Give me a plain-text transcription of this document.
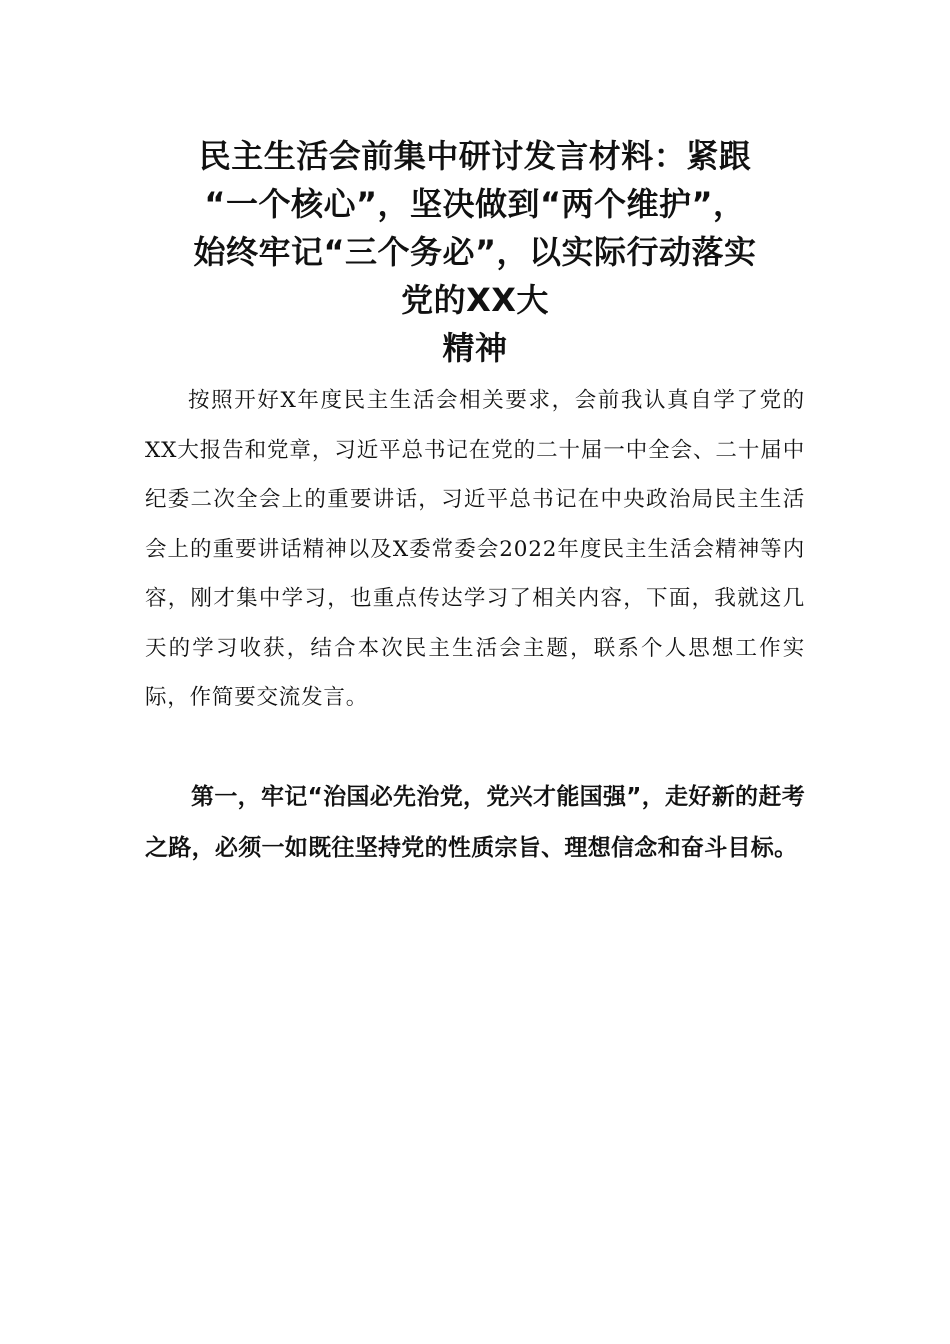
民主生活会前集中研讨发言材料：紧跟
“一个核心”，坚决做到“两个维护”，
始终牢记“三个务必”，以实际行动落实
党的XX大
精神

按照开好X年度民主生活会相关要求，会前我认真自学了党的XX大报告和党章，习近平总书记在党的二十届一中全会、二十届中纪委二次全会上的重要讲话，习近平总书记在中央政治局民主生活会上的重要讲话精神以及X委常委会2022年度民主生活会精神等内容，刚才集中学习，也重点传达学习了相关内容，下面，我就这几天的学习收获，结合本次民主生活会主题，联系个人思想工作实际，作简要交流发言。

第一，牢记“治国必先治党，党兴才能国强”，走好新的赶考之路，必须一如既往坚持党的性质宗旨、理想信念和奋斗目标。
